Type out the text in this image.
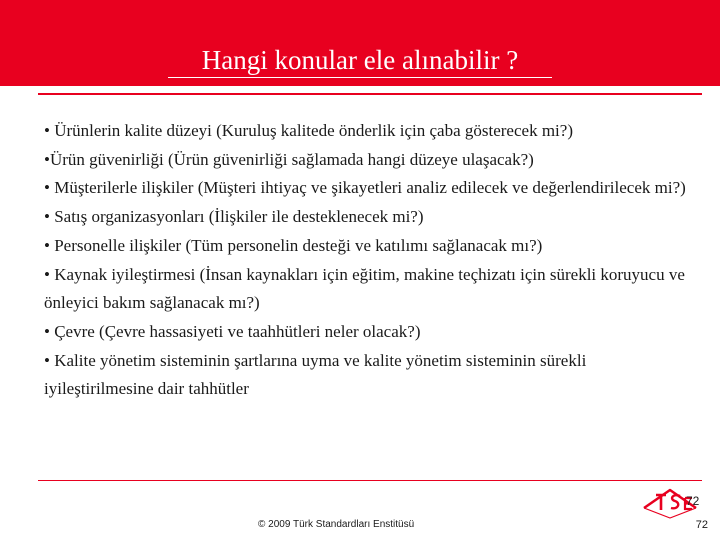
Hangi konular ele alınabilir ?

• Ürünlerin kalite düzeyi (Kuruluş kalitede önderlik için çaba gösterecek mi?)

•Ürün güvenirliği (Ürün güvenirliği sağlamada hangi düzeye ulaşacak?)

• Müşterilerle ilişkiler (Müşteri ihtiyaç ve şikayetleri analiz edilecek ve değerlendirilecek mi?)

• Satış organizasyonları (İlişkiler ile desteklenecek mi?)

• Personelle ilişkiler (Tüm personelin desteği ve katılımı sağlanacak mı?)

• Kaynak iyileştirmesi (İnsan kaynakları için eğitim, makine teçhizatı için sürekli koruyucu ve önleyici bakım sağlanacak mı?)

• Çevre (Çevre hassasiyeti ve taahhütleri neler olacak?)

• Kalite yönetim sisteminin şartlarına uyma ve kalite yönetim sisteminin sürekli iyileştirilmesine dair tahhütler

72
© 2009 Türk Standardları Enstitüsü	72
